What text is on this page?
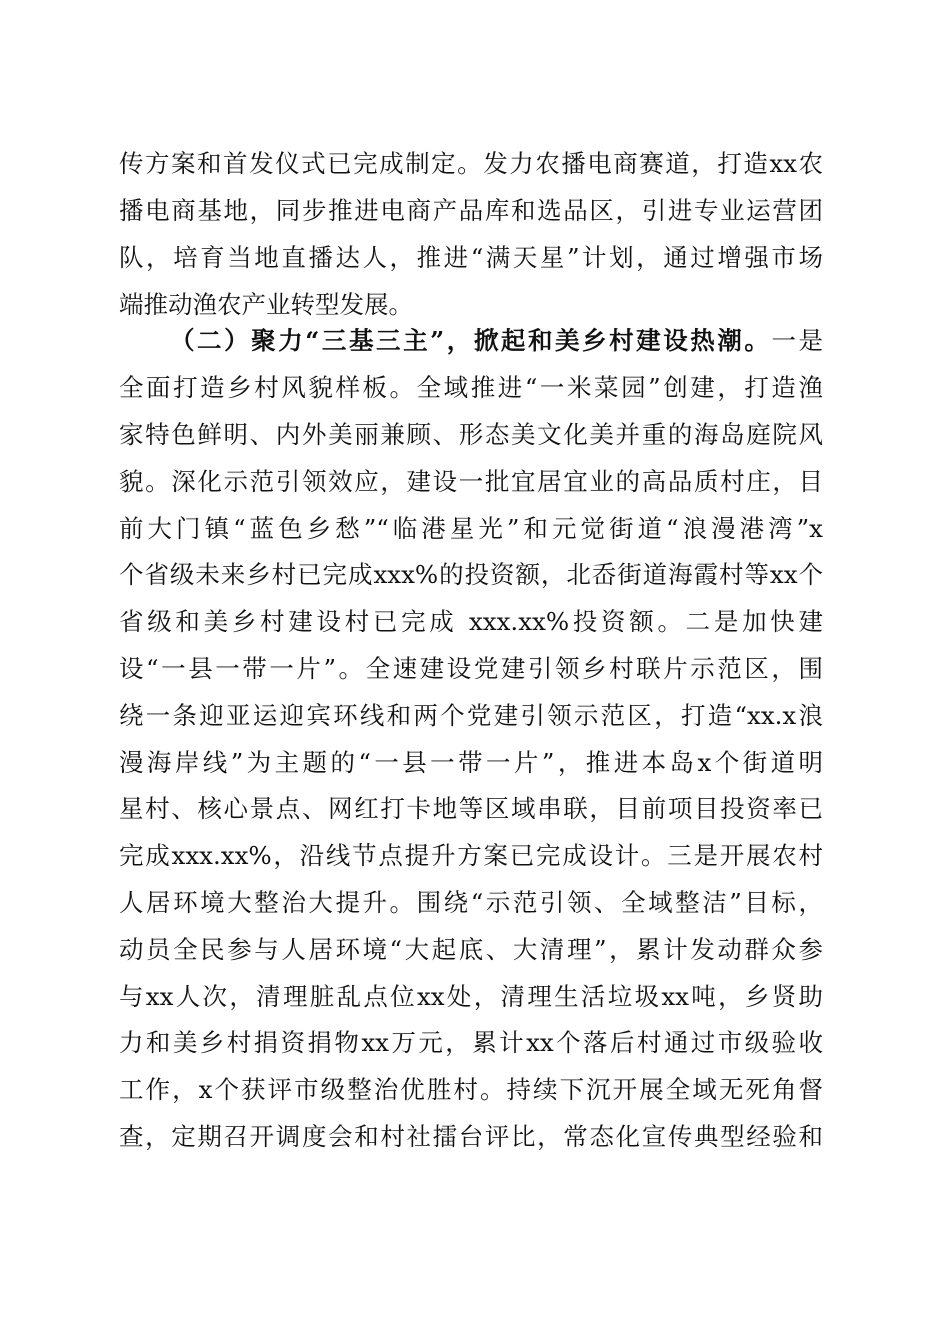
传方案和首发仪式已完成制定。发力农播电商赛道，打造xx农
播电商基地，同步推进电商产品库和选品区，引进专业运营团
队，培育当地直播达人，推进“满天星”计划，通过增强市场
端推动渔农产业转型发展。
（二）聚力“三基三主”，掀起和美乡村建设热潮。一是
全面打造乡村风貌样板。全域推进“一米菜园”创建，打造渔
家特色鲜明、内外美丽兼顾、形态美文化美并重的海岛庭院风
貌。深化示范引领效应，建设一批宜居宜业的高品质村庄，目
前大门镇“蓝色乡愁”“临港星光”和元觉街道“浪漫港湾”x
个省级未来乡村已完成xxx%的投资额，北岙街道海霞村等xx个
省级和美乡村建设村已完成 xxx.xx%投资额。二是加快建
设“一县一带一片”。全速建设党建引领乡村联片示范区，围
绕一条迎亚运迎宾环线和两个党建引领示范区，打造“xx.x浪
漫海岸线”为主题的“一县一带一片”，推进本岛x个街道明
星村、核心景点、网红打卡地等区域串联，目前项目投资率已
完成xxx.xx%，沿线节点提升方案已完成设计。三是开展农村
人居环境大整治大提升。围绕“示范引领、全域整洁”目标，
动员全民参与人居环境“大起底、大清理”，累计发动群众参
与xx人次，清理脏乱点位xx处，清理生活垃圾xx吨，乡贤助
力和美乡村捐资捐物xx万元，累计xx个落后村通过市级验收
工作，x个获评市级整治优胜村。持续下沉开展全域无死角督
查，定期召开调度会和村社擂台评比，常态化宣传典型经验和
